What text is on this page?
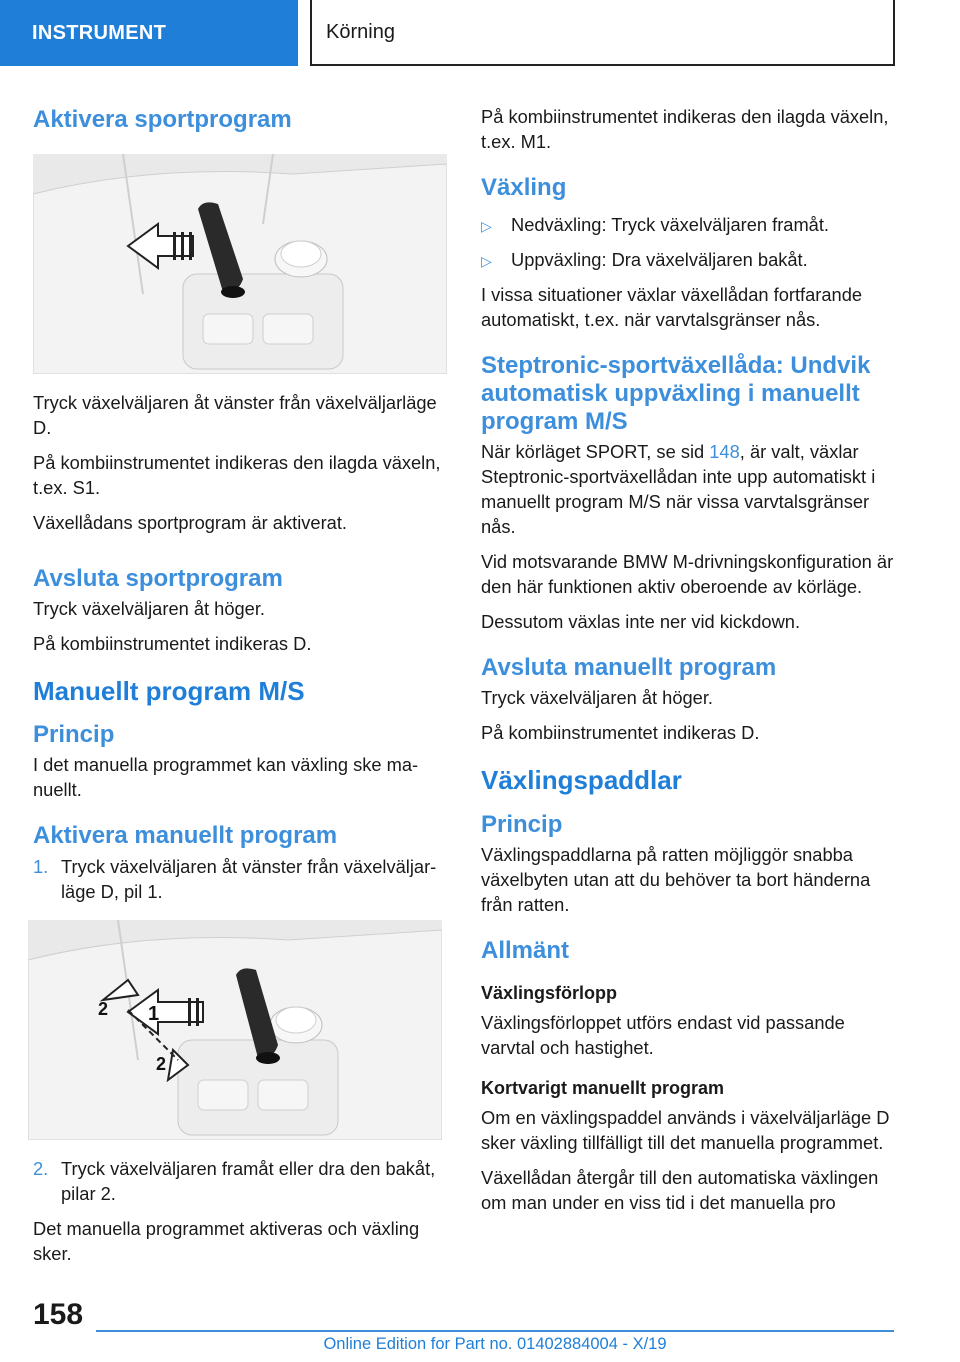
INSTRUMENT	Körning
Aktivera sportprogram

Tryck växelväljaren åt vänster från växelväljarläge D.

På kombiinstrumentet indikeras den ilagda växeln, t.ex. S1.

Växellådans sportprogram är aktiverat.

Avsluta sportprogram

Tryck växelväljaren åt höger.

På kombiinstrumentet indikeras D.

Manuellt program M/S
Princip

I det manuella programmet kan växling ske manuellt.

Aktivera manuellt program
1. Tryck växelväljaren åt vänster från växelväljarläge D, pil 1.
1
2
2
2. Tryck växelväljaren framåt eller dra den bakåt, pilar 2.

Det manuella programmet aktiveras och växling sker.

På kombiinstrumentet indikeras den ilagda växeln, t.ex. M1.

Växling
▷	Nedväxling: Tryck växelväljaren framåt.
▷	Uppväxling: Dra växelväljaren bakåt.

I vissa situationer växlar växellådan fortfarande automatiskt, t.ex. när varvtalsgränser nås.

Steptronic-sportväxellåda: Undvik automatisk uppväxling i manuellt program M/S

När körläget SPORT, se sid 148, är valt, växlar Steptronic-sportväxellådan inte upp automatiskt i manuellt program M/S när vissa varvtalsgränser nås.

Vid motsvarande BMW M-drivningskonfiguration är den här funktionen aktiv oberoende av körläge.

Dessutom växlas inte ner vid kickdown.

Avsluta manuellt program

Tryck växelväljaren åt höger.

På kombiinstrumentet indikeras D.

Växlingspaddlar
Princip

Växlingspaddlarna på ratten möjliggör snabba växelbyten utan att du behöver ta bort händerna från ratten.

Allmänt
Växlingsförlopp

Växlingsförloppet utförs endast vid passande varvtal och hastighet.

Kortvarigt manuellt program

Om en växlingspaddel används i växelväljarläge D sker växling tillfälligt till det manuella programmet.

Växellådan återgår till den automatiska växlingen om man under en viss tid i det manuella pro

158
Online Edition for Part no. 01402884004 - X/19
